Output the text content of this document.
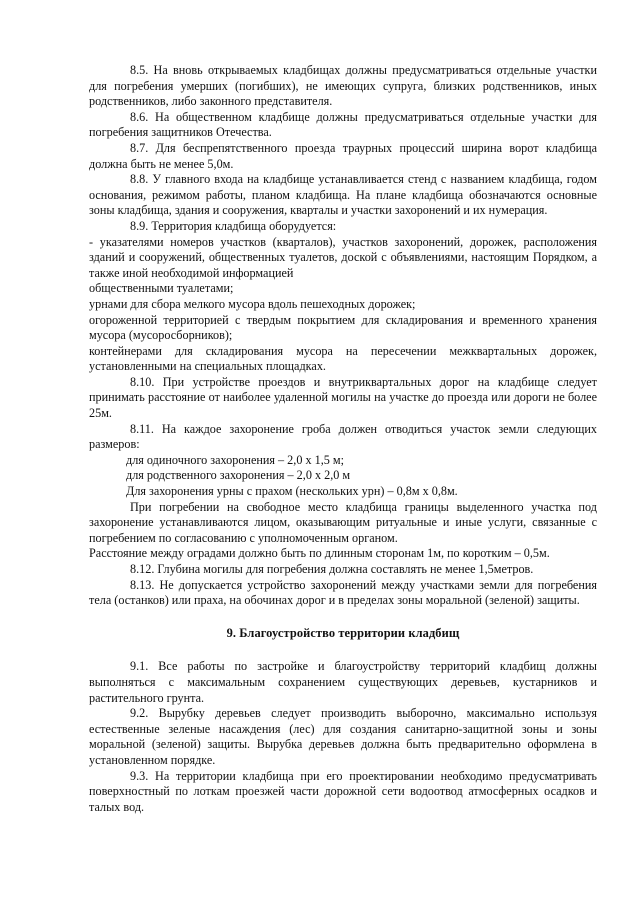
8.5. На вновь открываемых кладбищах должны предусматриваться отдельные участки для погребения умерших (погибших), не имеющих супруга, близких родственников, иных родственников, либо законного представителя.

8.6. На общественном кладбище должны предусматриваться отдельные участки для погребения защитников Отечества.

8.7. Для беспрепятственного проезда траурных процессий ширина ворот кладбища должна быть не менее 5,0м.

8.8. У главного входа на кладбище устанавливается стенд с названием кладбища, годом основания, режимом работы, планом кладбища. На плане кладбища обозначаются основные зоны кладбища, здания и сооружения, кварталы и участки захоронений и их нумерация.

8.9. Территория кладбища оборудуется:

- указателями номеров участков (кварталов), участков захоронений, дорожек, расположения зданий и сооружений, общественных туалетов, доской с объявлениями, настоящим Порядком, а также иной необходимой информацией

общественными туалетами;

урнами для сбора мелкого мусора вдоль пешеходных дорожек;

огороженной территорией с твердым покрытием для складирования и временного хранения мусора (мусоросборников);

контейнерами для складирования мусора на пересечении межквартальных дорожек, установленными на специальных площадках.

8.10. При устройстве проездов и внутриквартальных дорог на кладбище следует принимать расстояние от наиболее удаленной могилы на участке до проезда или дороги не более 25м.

8.11. На каждое захоронение гроба должен отводиться участок земли следующих размеров:

для одиночного захоронения – 2,0 х 1,5 м;

для родственного захоронения – 2,0 х 2,0 м

Для захоронения урны с прахом (нескольких урн) – 0,8м х 0,8м.

При погребении на свободное место кладбища границы выделенного участка под захоронение устанавливаются лицом, оказывающим ритуальные и иные услуги, связанные с погребением по согласованию с уполномоченным органом.

Расстояние между оградами должно быть по длинным сторонам 1м, по коротким – 0,5м.

8.12. Глубина могилы для погребения должна составлять не менее 1,5метров.

8.13. Не допускается устройство захоронений между участками земли для погребения тела (останков) или праха, на обочинах дорог и в пределах зоны моральной (зеленой) защиты.

9. Благоустройство территории кладбищ

9.1. Все работы по застройке и благоустройству территорий кладбищ должны выполняться с максимальным сохранением существующих деревьев, кустарников и растительного грунта.

9.2. Вырубку деревьев следует производить выборочно, максимально используя естественные зеленые насаждения (лес) для создания санитарно-защитной зоны и зоны моральной (зеленой) защиты. Вырубка деревьев должна быть предварительно оформлена в установленном порядке.

9.3. На территории кладбища при его проектировании необходимо предусматривать поверхностный по лоткам проезжей части дорожной сети водоотвод атмосферных осадков и талых вод.
